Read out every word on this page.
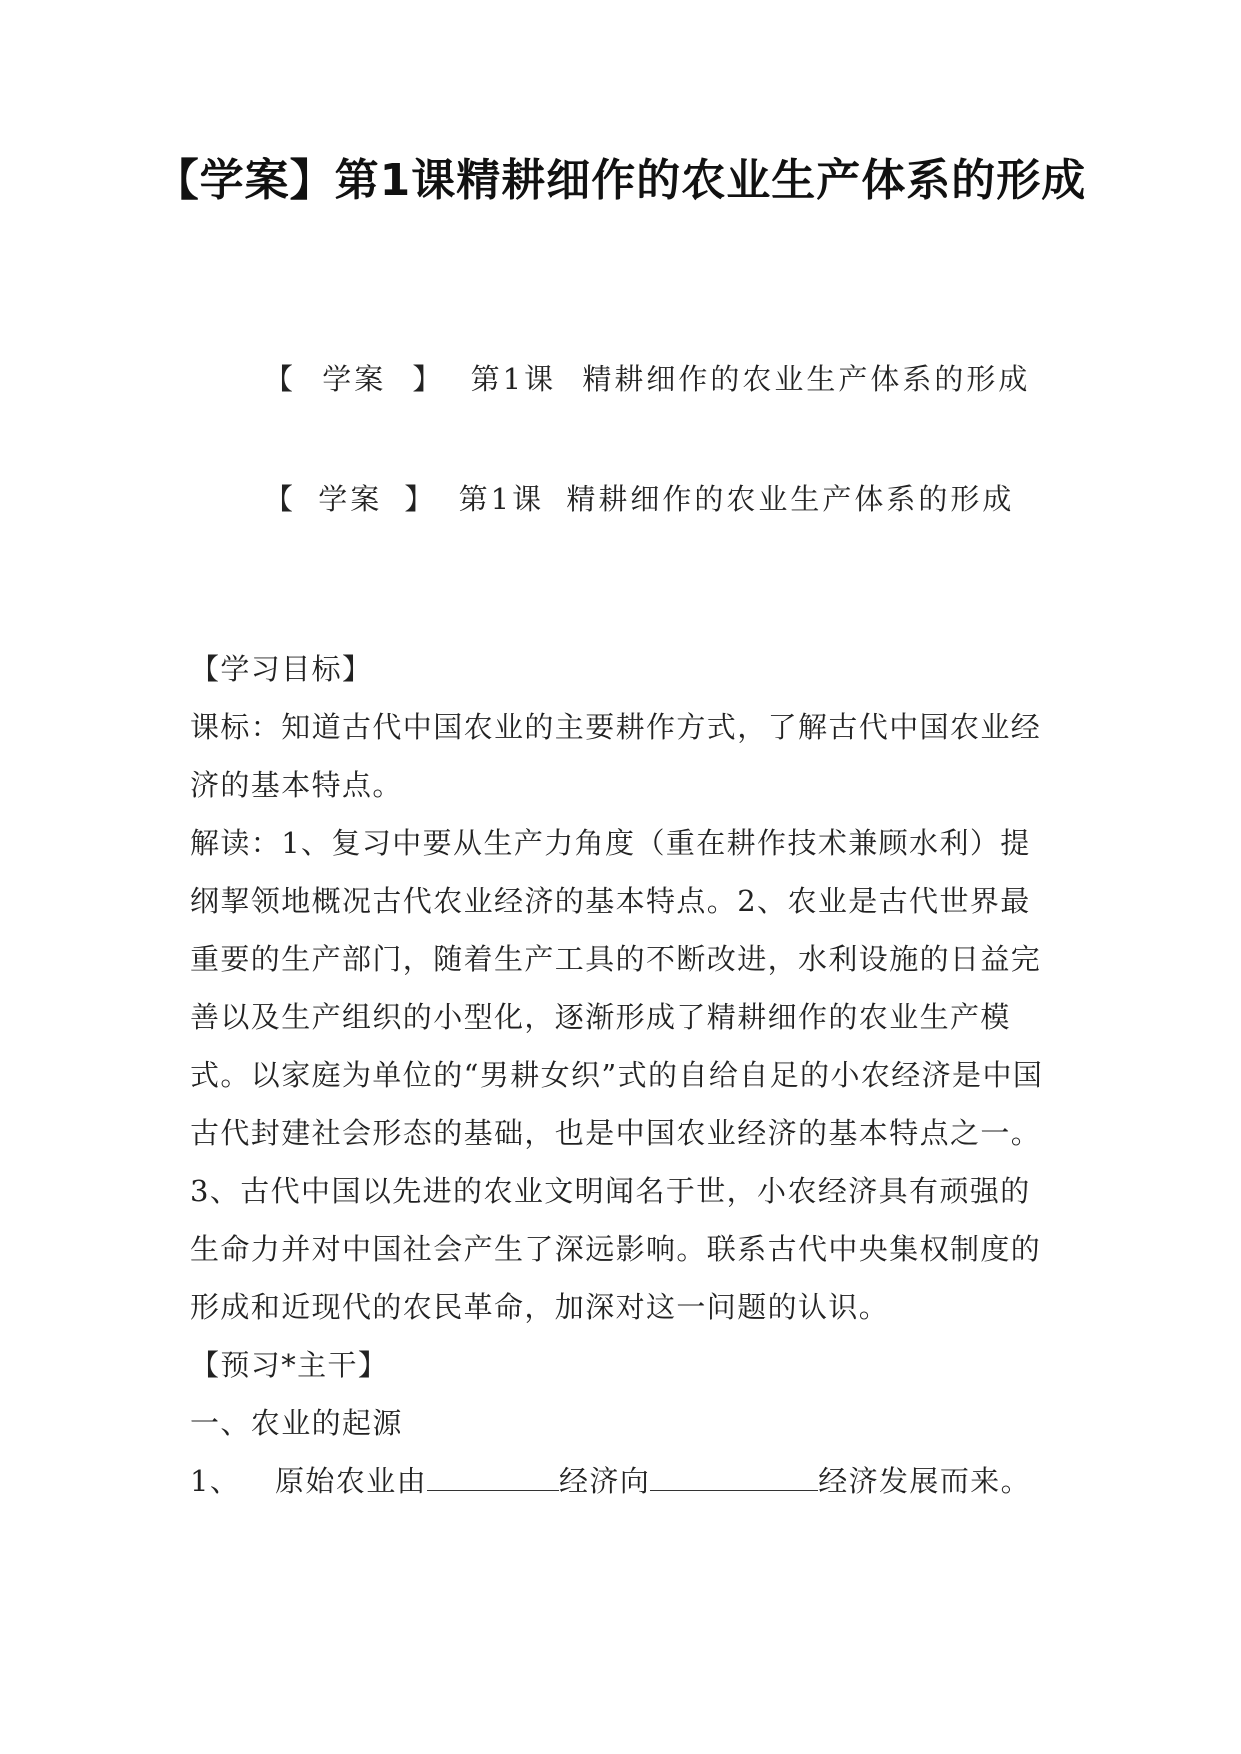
【学案】第1课精耕细作的农业生产体系的形成

【 学案 】 第1课 精耕细作的农业生产体系的形成

【 学案 】 第1课 精耕细作的农业生产体系的形成

【学习目标】

课标：知道古代中国农业的主要耕作方式，了解古代中国农业经济的基本特点。

解读：1、复习中要从生产力角度（重在耕作技术兼顾水利）提纲挈领地概况古代农业经济的基本特点。2、农业是古代世界最重要的生产部门，随着生产工具的不断改进，水利设施的日益完善以及生产组织的小型化，逐渐形成了精耕细作的农业生产模式。以家庭为单位的“男耕女织”式的自给自足的小农经济是中国古代封建社会形态的基础，也是中国农业经济的基本特点之一。3、古代中国以先进的农业文明闻名于世，小农经济具有顽强的生命力并对中国社会产生了深远影响。联系古代中央集权制度的形成和近现代的农民革命，加深对这一问题的认识。

【预习*主干】

一、农业的起源

1、 原始农业由	经济向	经济发展而来。
